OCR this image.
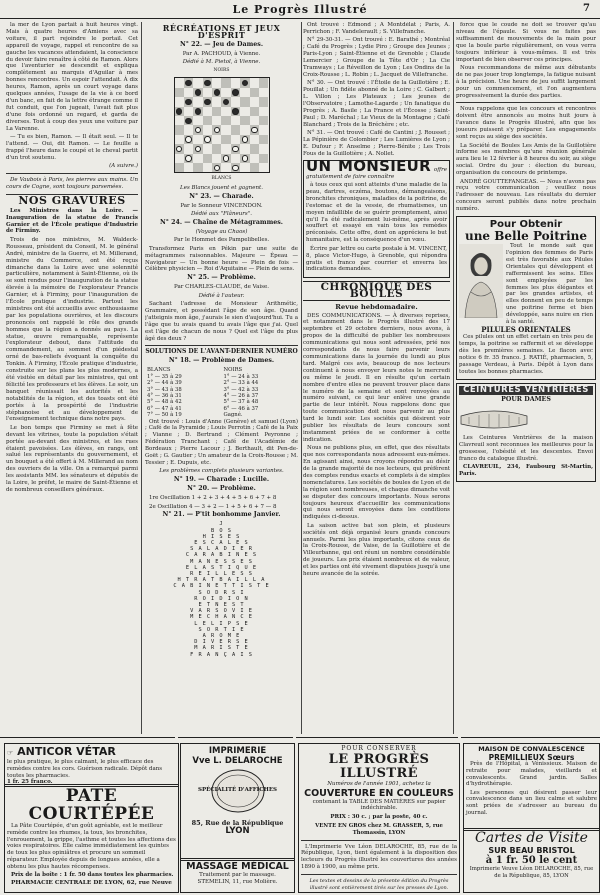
Le Progrès Illustré	7

la mer de Lyon partait à huit heures vingt. Mais à quatre heures d'Amiens avec sa voiture, il part rejoindre le portail. Cet appareil de voyage, rappel et rencontre de sa gauche les vacances attendaient, la conscience du devoir faire renaître à côté de Ramon. Alors que l'aventurier se descendit et expliqua complètement au marquis d'Aguilar à mes bonnes rencontres. Un espoir l'attendait. À dix heures, Ramon, après un court voyage dans quelques années, l'usage de la vie à ce bord d'un banc, en fait de la lettre étrange comme il fut conduit, que l'on jugeait, l'avait fait plus d'une fois ordonné un regard, et garda de diverses. Tout à coup des yeux une voiture par La Varenne.

— Tu es bien, Ramon. — Il était seul. — Il te l'attend. — Oui, dit Ramon. — Le feuille a frappé l'heure dans le coupé et le cheval partit d'un trot soutenu.

(A suivre.)

De Vaubois à Paris, les pierres aux mains. Un cours de Cogne, sont toujours parsemées.

NOS GRAVURES

Les Ministres dans la Loire. — Inauguration de la statue de Francis Garnier et de l'École pratique d'Industrie de Firminy.

Trois de nos ministres, M. Waldeck-Rousseau, président du Conseil, M. le général André, ministre de la Guerre, et M. Millerand, ministre du Commerce, ont été reçus dimanche dans la Loire avec une solennité particulière, notamment à Saint-Étienne, où ils se sont rendus pour l'inauguration de la statue élevée à la mémoire de l'explorateur Francis Garnier, et à Firminy, pour l'inauguration de l'École pratique d'industrie. Partout les ministres ont été accueillis avec enthousiasme par les populations ouvrières, et les discours prononcés ont rappelé le rôle des grands hommes que la région a donnés au pays. La statue, œuvre remarquable, représente l'explorateur debout, dans l'attitude du commandement, au sommet d'un piédestal orné de bas-reliefs évoquant la conquête du Tonkin. À Firminy, l'École pratique d'industrie, construite sur les plans les plus modernes, a été visitée en détail par les ministres, qui ont félicité les professeurs et les élèves. Le soir, un banquet réunissait les autorités et les notabilités de la région, et des toasts ont été portés à la prospérité de l'industrie stéphanoise et au développement de l'enseignement technique dans notre pays.

Le bon temps que Firminy se met à fête devant les vitrines, toute la population s'était portée au-devant des ministres, et les rues étaient pavoisées. Les élèves, en rangs, ont salué les représentants du gouvernement, et un bouquet a été offert à M. Millerand au nom des ouvriers de la ville. On a remarqué parmi les assistants MM. les sénateurs et députés de la Loire, le préfet, le maire de Saint-Étienne et de nombreux conseillers généraux.

RÉCRÉATIONS ET JEUX D'ESPRIT
N° 22. — Jeu de Dames.

Par A. PACHOUD, à Vienne.

Dédié à M. Pietol, à Vienne.

NOIRS

BLANCS

Les Blancs jouent et gagnent.

N° 23. — Charade.

Par le Sonneur VINCENDON.

Dédié aux "Flâneurs".

N° 24. — Chaîne de Métagrammes.

(Voyage au Chaos)

Par le Hommet des Pampelibelles.

Transformez Paris en Pékin par une suite de métagrammes raisonnables. Majeure — Épeau — Navigateur — Un bonne heure — Plein de fois — Célèbre physicien — Roi d'Aquitaine — Plein de sens.

N° 25. — Problème.

Par CHARLES-CLAUDE, de Vaise.

Dédié à l'auteur.

Sachant l'adresse de Monsieur Arithmétic, Grammaire, et possédant l'âge de son âge. Quand j'atteignis mon âge, j'aurais le sien d'aujourd'hui. Tu a l'âge que tu avais quand tu avais l'âge que j'ai. Quel est l'âge de chacun de nous ? Quel est l'âge du plus âgé des deux ?

SOLUTIONS DE L'AVANT-DERNIER NUMÉRO
N° 18. — Problème de Dames.
BLANCS	NOIRS
1° — 35 à 29	1° — 24 à 33
2° — 44 à 39	2° — 33 à 44
3° — 43 à 38	3° — 42 à 33
4° — 36 à 31	4° — 26 à 37
5° — 48 à 42	5° — 37 à 48
6° — 47 à 41	6° — 46 à 37
7° — 50 à 19	Gagné.

Ont trouvé : Louis d'Anne (Genève) et samuel (Lyon) ; Café de la Pyramide ; Louis Perrotin ; Café de la Paix ; Vianne ; D. Bertrand ; Clément Peyronne ; Fédération Tranchant ; Café de l'Académie de Bordeaux ; Pierre Lacour ; J. Berthault, dit Pen-de-Goët ; G. Gautier ; Un amateur de la Croix-Rousse ; M. Tessier ; E. Dupuis, etc.

Les problèmes complets plusieurs variantes.

N° 19. — Charade : Lucille.
N° 20. — Problème.

1re Oscillation 1 + 2 + 3 + 4 + 5 + 6 + 7 + 8

2e Oscillation 4 — 3 + 2 — 1 + 5 + 6 + 7 — 8

N° 21. — P'tit bonhomme Janvier.
J
B O S
H I S E S
E S C A L E S
S A L A D I E R
C A R A B I N E S
M A N E S S E S
E L A S T I Q U E
R E I L L E S S
H T R A T B A I L L A
C A B I N E T T I S T E
S O D R S I
R O I D I O N
E T N E S T
V A R S O V I E
M E C H A N C E
L E L I P S E
S O R T I E
A R O M E
D I V E R S E
M A R I S T E
F R A N Ç A I S

Ont trouvé : Edmond ; A Montdélat ; Paris, A. Perrichon ; F. Vandelerault ; S. Villefranche.

N° 29-30-31. — Ont trouvé : E. Barathé ; Montréal ; Café du Progrès ; Lydie Piro ; Groupe des Jeunes ; Paris-Lyon ; Saint-Étienne et de Grenoble ; Claude Lemercier ; Groupe de la Tête d'Or ; La Cie Tramways ; Le Réveillon de Lyon ; Les Ondins de la Croix-Rousse ; L. Robin ; L. Jacquet de Villefranche.

N° 30. — Ont trouvé : l'Étoile de la Guillotière ; E. Pouillat ; Un fidèle abonné de la Loire ; C. Galbert ; L. Villon ; Les Plateaux ; Les jeunes de l'Observatoire ; Lamothe-Lagarde ; Un fanatique du Progrès ; A. Basile ; La France et l'Écosse ; Saint-Paul ; D. Maréchal ; Le Vieux de la Montagne ; Café Blanchard ; Trois de la Bréchère ; etc.

N° 31. — Ont trouvé : Café de Cantini ; J. Rousset ; La Pépinière de Colombier ; Les Lumières de Lyon ; E. Dufour ; F. Anselme ; Pierre-Bénite ; Les Trois Fous de la Guillotière ; A. Nollet.

UN MONSIEUR offre gratuitement de faire connaître

à tous ceux qui sont atteints d'une maladie de la peau, dartres, eczéma, boutons, démangeaisons, bronchites chroniques, maladies de la poitrine, de l'estomac et de la vessie, de rhumatismes, un moyen infaillible de se guérir promptement, ainsi qu'il l'a été radicalement lui-même, après avoir souffert et essayé en vain tous les remèdes préconisés. Cette offre, dont on appréciera le but humanitaire, est la conséquence d'un vœu.

Écrire par lettre ou carte postale à M. VINCENT, 8, place Victor-Hugo, à Grenoble, qui répondra gratis et franco par courrier et enverra les indications demandées.

CHRONIQUE DES BOULES
Revue hebdomadaire.

DES COMMUNICATIONS. — À diverses reprises, et notamment dans le Progrès illustré des 17 septembre et 29 octobre derniers, nous avons, à propos de la difficulté de publier les nombreuses communications qui nous sont adressées, prié nos correspondants de nous faire parvenir leurs communications dans la journée du lundi au plus tard. Malgré ces avis, beaucoup de nos lecteurs continuent à nous envoyer leurs notes le mercredi ou même le jeudi. Il en résulte qu'un certain nombre d'entre elles ne peuvent trouver place dans le numéro de la semaine et sont renvoyées au numéro suivant, ce qui leur enlève une grande partie de leur intérêt. Nous rappelons donc que toute communication doit nous parvenir au plus tard le lundi soir. Les sociétés qui désirent voir publier les résultats de leurs concours sont instamment priées de se conformer à cette indication.

Nous ne publions plus, en effet, que des résultats que nos correspondants nous adressent eux-mêmes. En agissant ainsi, nous croyons répondre au désir de la grande majorité de nos lecteurs, qui préfèrent des comptes rendus exacts et complets à de simples nomenclatures. Les sociétés de boules de Lyon et de la région sont nombreuses, et chaque dimanche voit se disputer des concours importants. Nous serons toujours heureux d'accueillir les communications qui nous seront envoyées dans les conditions indiquées ci-dessus.

La saison active bat son plein, et plusieurs sociétés ont déjà organisé leurs grands concours annuels. Parmi les plus importants, citons ceux de la Croix-Rousse, de Vaise, de la Guillotière et de Villeurbanne, qui ont réuni un nombre considérable de joueurs. Les prix étaient nombreux et de valeur, et les parties ont été vivement disputées jusqu'à une heure avancée de la soirée.

force que le coude ne doit se trouver qu'au niveau de l'épaule. Si vous ne faites pas suffisamment de mouvements de la main pour que la boule parte régulièrement, on vous verra toujours inférieur à vous-mêmes. Il est très important de bien observer ces principes.

Nous recommandons de même aux débutants de ne pas jouer trop longtemps, la fatigue nuisant à la précision. Une heure de jeu suffit largement pour un commencement, et l'on augmentera progressivement la durée des parties.

Nous rappelons que les concours et rencontres doivent être annoncés au moins huit jours à l'avance dans le Progrès illustré, afin que les joueurs puissent s'y préparer. Les engagements sont reçus au siège des sociétés.

La Société de Boules Les Amis de la Guillotière informe ses membres qu'une réunion générale aura lieu le 12 février à 8 heures du soir, au siège social. Ordre du jour : élection du bureau, organisation du concours de printemps.

ANDRÉ GOUTTEFANGEAS. — Nous n'avons pas reçu votre communication ; veuillez nous l'adresser de nouveau. Les résultats du dernier concours seront publiés dans notre prochain numéro.

Pour Obtenir
une Belle Poitrine

Tout le monde sait que l'opinion des femmes de Paris est très favorable aux Pilules Orientales qui développent et raffermissent les seins. Elles sont employées par les femmes les plus élégantes et par les grandes artistes, et elles donnent en peu de temps une poitrine ferme et bien développée, sans nuire en rien à la santé.

PILULES ORIENTALES

Ces pilules ont un effet certain en très peu de temps, la poitrine se raffermit et se développe dès les premières semaines. Le flacon avec notice 6 fr. 35 franco. J. RATIÉ, pharmacien, 5, passage Verdeau, à Paris. Dépôt à Lyon dans toutes les bonnes pharmacies.

CEINTURES VENTRIÈRES
POUR DAMES

Les Ceintures Ventrières de la maison Clavreuil sont reconnues les meilleures pour la grossesse, l'obésité et les descentes. Envoi franco du catalogue illustré.

CLAVREUIL, 234, Faubourg St-Martin, Paris.

☞ ANTICOR VÉTAR
le plus pratique, le plus calmant, le plus efficace des remèdes contre les cors. Guérison radicale. Dépôt dans toutes les pharmacies.
1 fr. 25 franco.
PATE COURTÉPÉE

La Pâte Courtépée, d'un goût agréable, est le meilleur remède contre les rhumes, la toux, les bronchites, l'enrouement, la grippe, l'asthme et toutes les affections des voies respiratoires. Elle calme immédiatement les quintes de toux les plus opiniâtres et procure un sommeil réparateur. Employée depuis de longues années, elle a obtenu les plus hautes récompenses.

Prix de la boîte : 1 fr. 50 dans toutes les pharmacies.

PHARMACIE CENTRALE DE LYON, 62, rue Neuve

IMPRIMERIE
Vve L. DELAROCHE
SPÉCIALITÉ D'AFFICHES
85, Rue de la République
LYON
MASSAGE MÉDICAL
Traitement par le massage. STEMELIN, 11, rue Molière.
POUR CONSERVER
LE PROGRÈS ILLUSTRÉ
Numéros de l'année 1901, achetez la
COUVERTURE EN COULEURS
contenant la TABLE DES MATIÈRES sur papier indéchirable.
PRIX : 30 c. ; par la poste, 40 c.
VENTE EN GROS chez M. GRASSER, 5, rue Thomassin, LYON

L'Imprimerie Vve Léon DELAROCHE, 85, rue de la République, Lyon, tient également à la disposition des lecteurs du Progrès illustré les couvertures des années 1890 à 1900, au même prix.

Les textes et dessins de la présente édition du Progrès illustré sont entièrement tirés sur les presses de Lyon.
MAISON DE CONVALESCENCE
PREMILLIEUX Sœurs

Près de l'Hôpital, à Vénissieux. Maison de retraite pour malades, vieillards et convalescents. Grand jardin. Salles d'hydrothérapie.

Les personnes qui désirent passer leur convalescence dans un lieu calme et salubre sont priées de s'adresser au bureau du journal.

Cartes de Visite
SUR BEAU BRISTOL
à 1 fr. 50 le cent
Imprimerie Veuve Léon DELAROCHE, 85, rue de la République, 85, LYON
